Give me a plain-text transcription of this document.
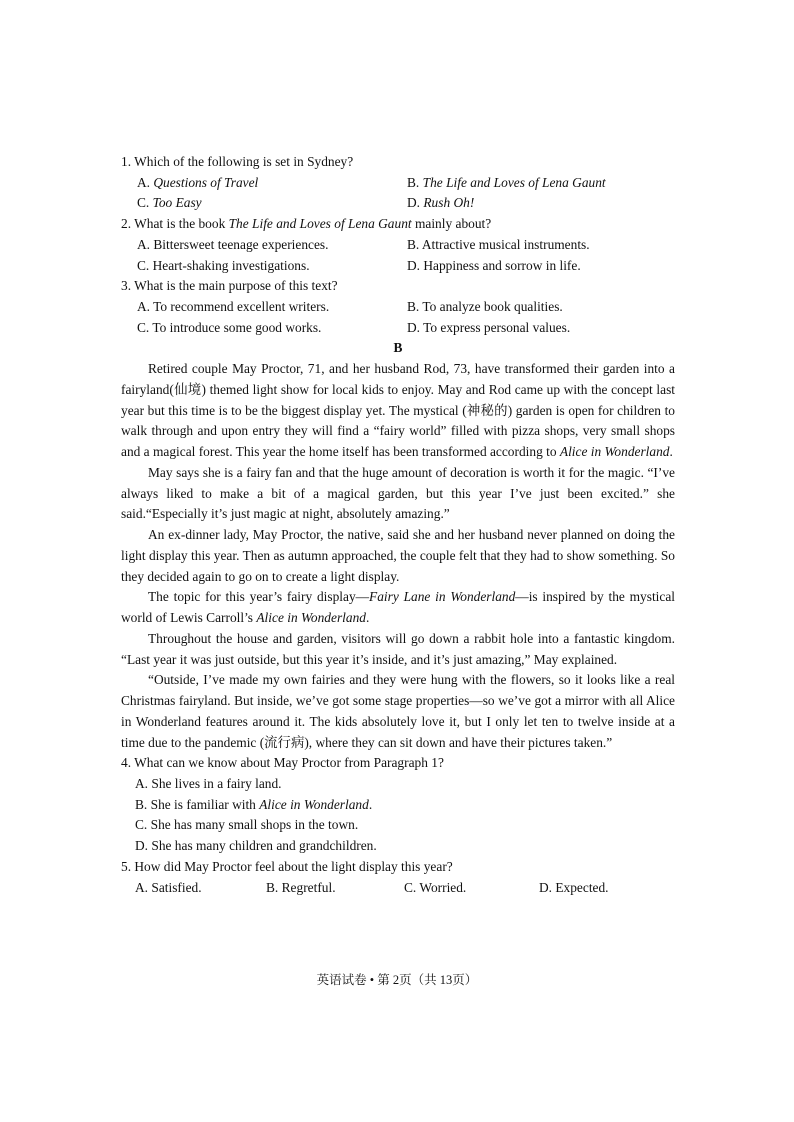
1. Which of the following is set in Sydney?
A. Questions of Travel	B. The Life and Loves of Lena Gaunt
C. Too Easy	D. Rush Oh!
2. What is the book The Life and Loves of Lena Gaunt mainly about?
A. Bittersweet teenage experiences.	B. Attractive musical instruments.
C. Heart-shaking investigations.	D. Happiness and sorrow in life.
3. What is the main purpose of this text?
A. To recommend excellent writers.	B. To analyze book qualities.
C. To introduce some good works.	D. To express personal values.
B

Retired couple May Proctor, 71, and her husband Rod, 73, have transformed their garden into a fairyland(仙境) themed light show for local kids to enjoy. May and Rod came up with the concept last year but this time is to be the biggest display yet. The mystical (神秘的) garden is open for children to walk through and upon entry they will find a “fairy world” filled with pizza shops, very small shops and a magical forest. This year the home itself has been transformed according to Alice in Wonderland.

May says she is a fairy fan and that the huge amount of decoration is worth it for the magic. “I’ve always liked to make a bit of a magical garden, but this year I’ve just been excited.” she said.“Especially it’s just magic at night, absolutely amazing.”

An ex-dinner lady, May Proctor, the native, said she and her husband never planned on doing the light display this year. Then as autumn approached, the couple felt that they had to show something. So they decided again to go on to create a light display.

The topic for this year’s fairy display—Fairy Lane in Wonderland—is inspired by the mystical world of Lewis Carroll’s Alice in Wonderland.

Throughout the house and garden, visitors will go down a rabbit hole into a fantastic kingdom. “Last year it was just outside, but this year it’s inside, and it’s just amazing,” May explained.

“Outside, I’ve made my own fairies and they were hung with the flowers, so it looks like a real Christmas fairyland. But inside, we’ve got some stage properties—so we’ve got a mirror with all Alice in Wonderland features around it. The kids absolutely love it, but I only let ten to twelve inside at a time due to the pandemic (流行病), where they can sit down and have their pictures taken.”

4. What can we know about May Proctor from Paragraph 1?
A. She lives in a fairy land.
B. She is familiar with Alice in Wonderland.
C. She has many small shops in the town.
D. She has many children and grandchildren.
5. How did May Proctor feel about the light display this year?
A. Satisfied.	B. Regretful.	C. Worried.	D. Expected.
英语试卷 • 第 2页（共 13页）
